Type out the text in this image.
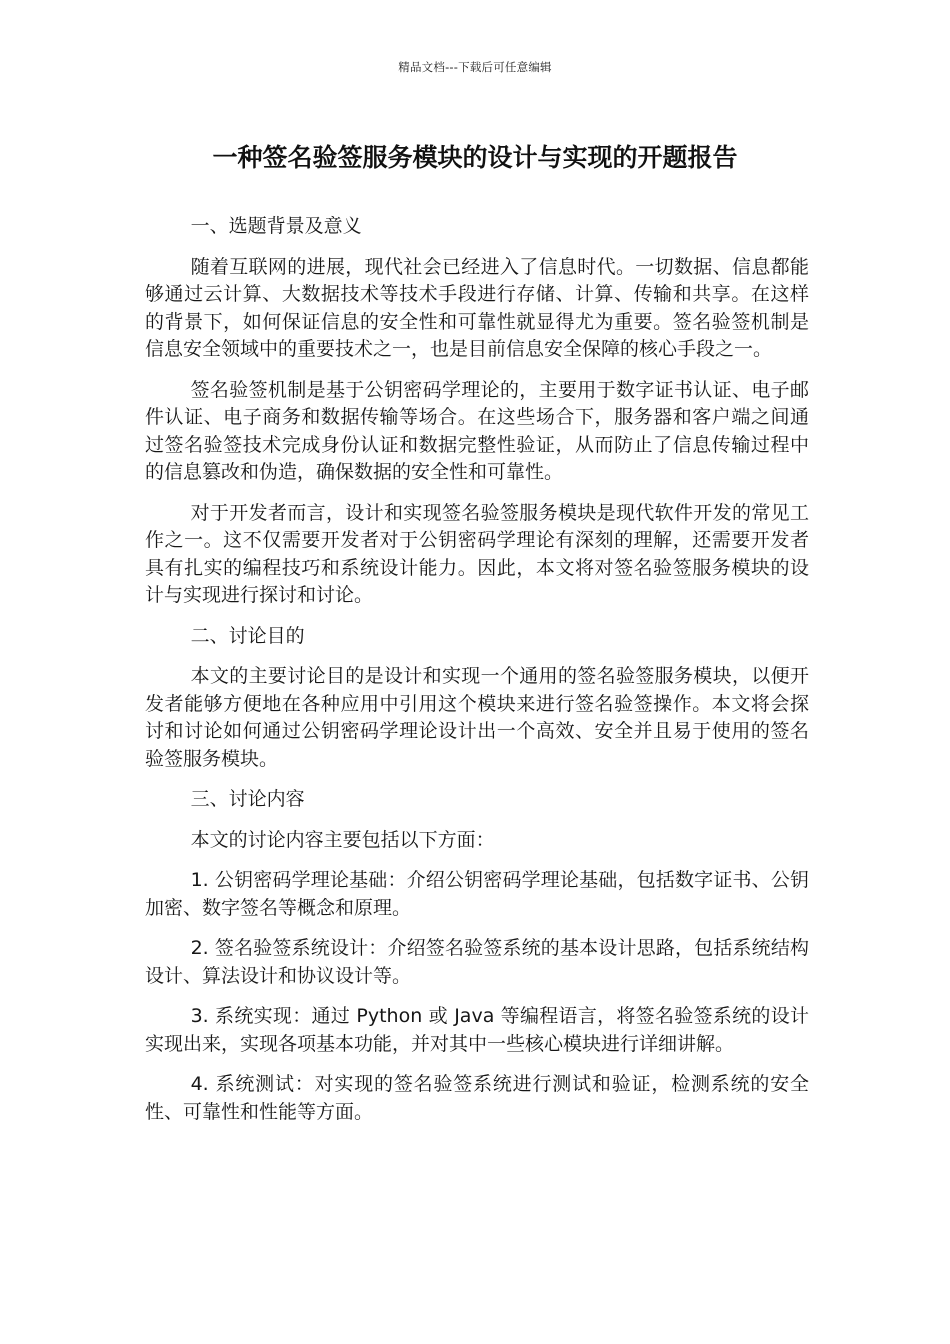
精品文档---下载后可任意编辑
一种签名验签服务模块的设计与实现的开题报告

一、选题背景及意义

随着互联网的进展，现代社会已经进入了信息时代。一切数据、信息都能够通过云计算、大数据技术等技术手段进行存储、计算、传输和共享。在这样的背景下，如何保证信息的安全性和可靠性就显得尤为重要。签名验签机制是信息安全领域中的重要技术之一，也是目前信息安全保障的核心手段之一。

签名验签机制是基于公钥密码学理论的，主要用于数字证书认证、电子邮件认证、电子商务和数据传输等场合。在这些场合下，服务器和客户端之间通过签名验签技术完成身份认证和数据完整性验证，从而防止了信息传输过程中的信息篡改和伪造，确保数据的安全性和可靠性。

对于开发者而言，设计和实现签名验签服务模块是现代软件开发的常见工作之一。这不仅需要开发者对于公钥密码学理论有深刻的理解，还需要开发者具有扎实的编程技巧和系统设计能力。因此，本文将对签名验签服务模块的设计与实现进行探讨和讨论。

二、讨论目的

本文的主要讨论目的是设计和实现一个通用的签名验签服务模块，以便开发者能够方便地在各种应用中引用这个模块来进行签名验签操作。本文将会探讨和讨论如何通过公钥密码学理论设计出一个高效、安全并且易于使用的签名验签服务模块。

三、讨论内容

本文的讨论内容主要包括以下方面：

1. 公钥密码学理论基础：介绍公钥密码学理论基础，包括数字证书、公钥加密、数字签名等概念和原理。

2. 签名验签系统设计：介绍签名验签系统的基本设计思路，包括系统结构设计、算法设计和协议设计等。

3. 系统实现：通过 Python 或 Java 等编程语言，将签名验签系统的设计实现出来，实现各项基本功能，并对其中一些核心模块进行详细讲解。

4. 系统测试：对实现的签名验签系统进行测试和验证，检测系统的安全性、可靠性和性能等方面。
